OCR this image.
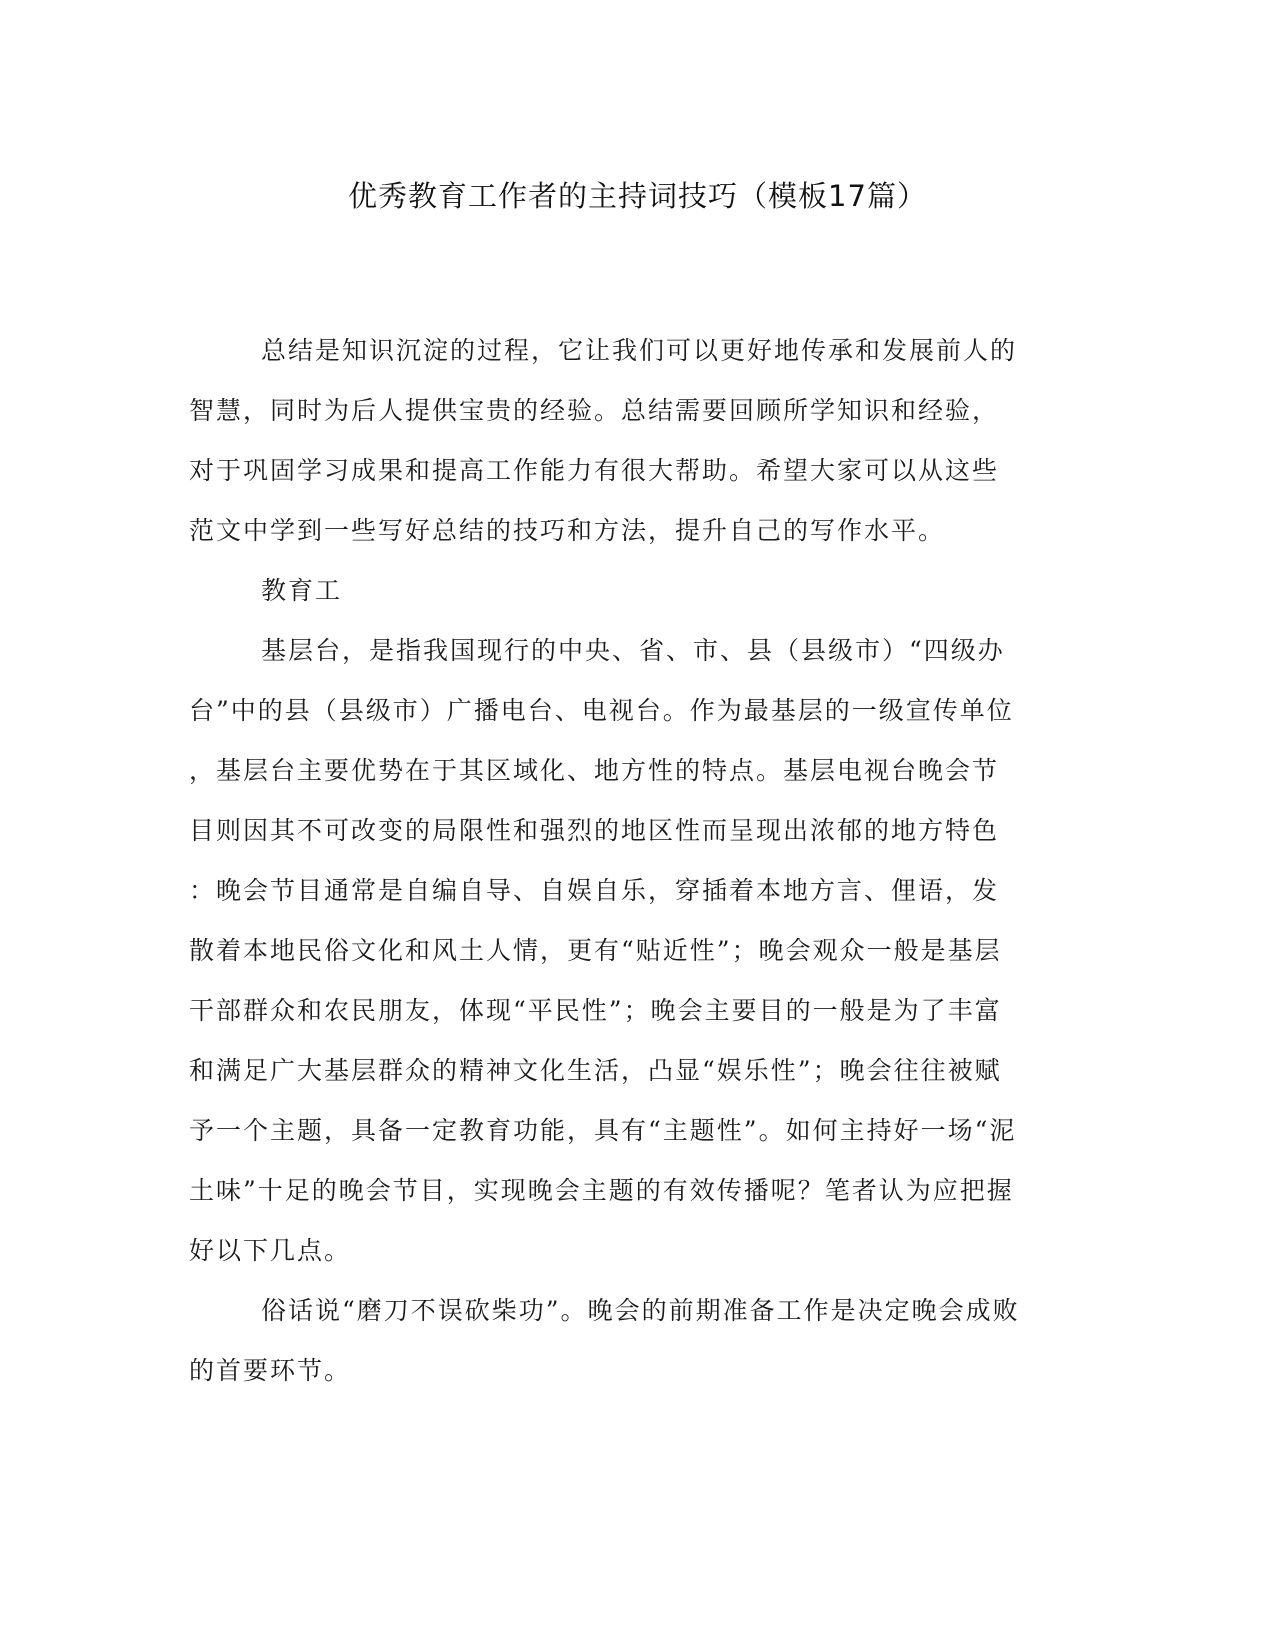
优秀教育工作者的主持词技巧（模板17篇）
总结是知识沉淀的过程，它让我们可以更好地传承和发展前人的
智慧，同时为后人提供宝贵的经验。总结需要回顾所学知识和经验，
对于巩固学习成果和提高工作能力有很大帮助。希望大家可以从这些
范文中学到一些写好总结的技巧和方法，提升自己的写作水平。
教育工
基层台，是指我国现行的中央、省、市、县（县级市）“四级办
台”中的县（县级市）广播电台、电视台。作为最基层的一级宣传单位
，基层台主要优势在于其区域化、地方性的特点。基层电视台晚会节
目则因其不可改变的局限性和强烈的地区性而呈现出浓郁的地方特色
：晚会节目通常是自编自导、自娱自乐，穿插着本地方言、俚语，发
散着本地民俗文化和风土人情，更有“贴近性”；晚会观众一般是基层
干部群众和农民朋友，体现“平民性”；晚会主要目的一般是为了丰富
和满足广大基层群众的精神文化生活，凸显“娱乐性”；晚会往往被赋
予一个主题，具备一定教育功能，具有“主题性”。如何主持好一场“泥
土味”十足的晚会节目，实现晚会主题的有效传播呢？笔者认为应把握
好以下几点。
俗话说“磨刀不误砍柴功”。晚会的前期准备工作是决定晚会成败
的首要环节。
